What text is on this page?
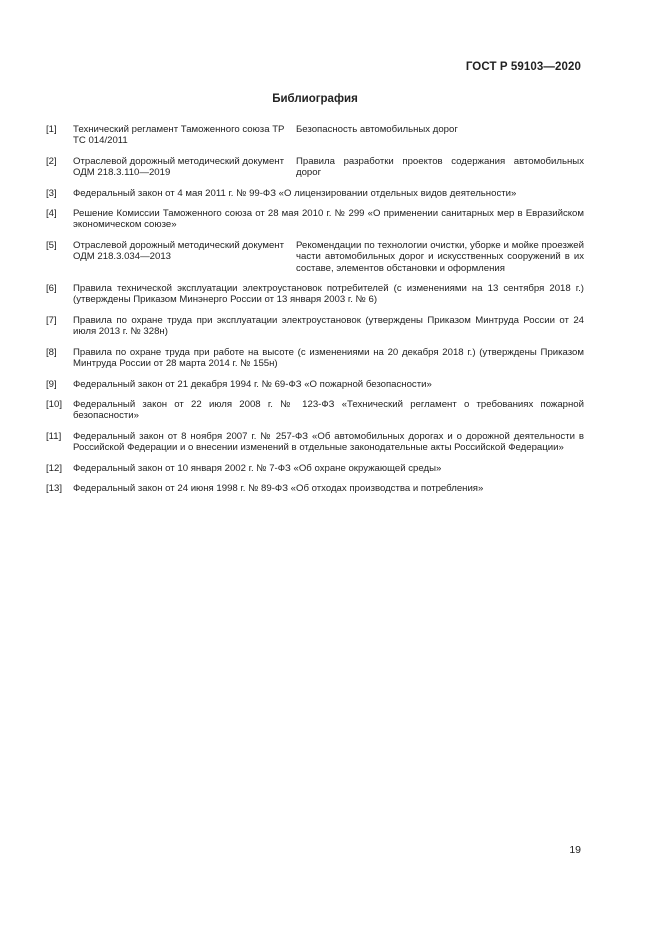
ГОСТ Р 59103—2020
Библиография
[1] Технический регламент Таможенного союза ТР ТС 014/2011
Безопасность автомобильных дорог
[2] Отраслевой дорожный методический документ ОДМ 218.3.110—2019
Правила разработки проектов содержания автомобильных дорог
[3] Федеральный закон от 4 мая 2011 г. № 99-ФЗ «О лицензировании отдельных видов деятельности»
[4] Решение Комиссии Таможенного союза от 28 мая 2010 г. № 299 «О применении санитарных мер в Евразийском экономическом союзе»
[5] Отраслевой дорожный методический документ ОДМ 218.3.034—2013
Рекомендации по технологии очистки, уборке и мойке проезжей части автомобильных дорог и искусственных сооружений в их составе, элементов обстановки и оформления
[6] Правила технической эксплуатации электроустановок потребителей (с изменениями на 13 сентября 2018 г.) (утверждены Приказом Минэнерго России от 13 января 2003 г. № 6)
[7] Правила по охране труда при эксплуатации электроустановок (утверждены Приказом Минтруда России от 24 июля 2013 г. № 328н)
[8] Правила по охране труда при работе на высоте (с изменениями на 20 декабря 2018 г.) (утверждены Приказом Минтруда России от 28 марта 2014 г. № 155н)
[9] Федеральный закон от 21 декабря 1994 г. № 69-ФЗ «О пожарной безопасности»
[10] Федеральный закон от 22 июля 2008 г. № 123-ФЗ «Технический регламент о требованиях пожарной безопасности»
[11] Федеральный закон от 8 ноября 2007 г. № 257-ФЗ «Об автомобильных дорогах и о дорожной деятельности в Российской Федерации и о внесении изменений в отдельные законодательные акты Российской Федерации»
[12] Федеральный закон от 10 января 2002 г. № 7-ФЗ «Об охране окружающей среды»
[13] Федеральный закон от 24 июня 1998 г. № 89-ФЗ «Об отходах производства и потребления»
19
